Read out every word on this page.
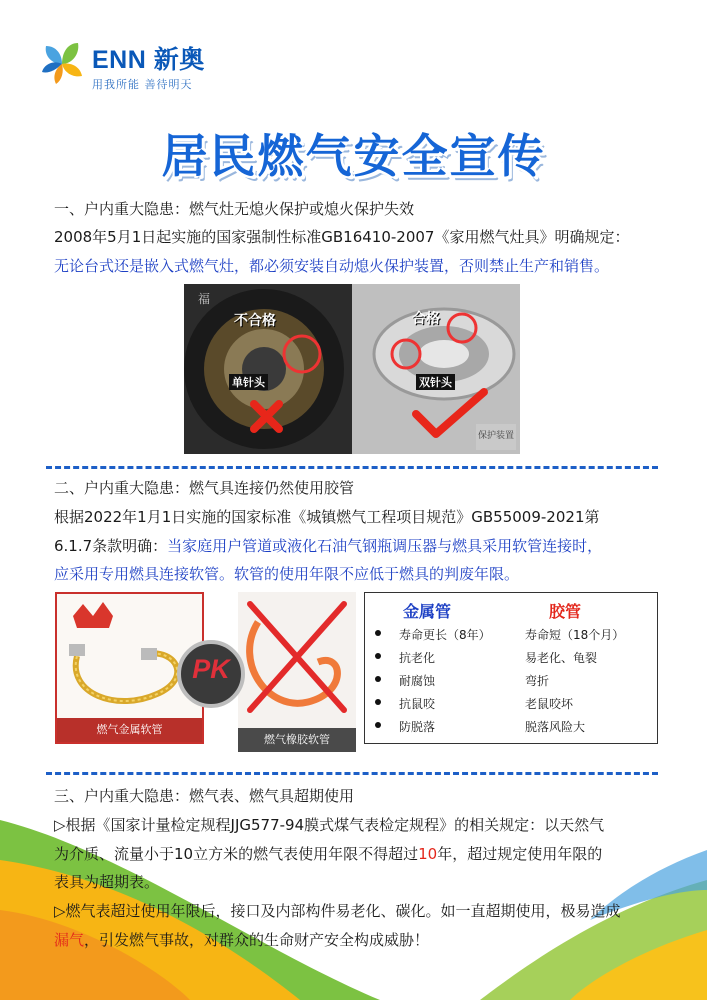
ENN 新奥
用我所能 善待明天
居民燃气安全宣传
一、户内重大隐患：燃气灶无熄火保护或熄火保护失效
2008年5月1日起实施的国家强制性标准GB16410-2007《家用燃气灶具》明确规定：
无论台式还是嵌入式燃气灶，都必须安装自动熄火保护装置，否则禁止生产和销售。
不合格
单针头
合格
双针头
福
保护装置
二、户内重大隐患：燃气具连接仍然使用胶管
根据2022年1月1日实施的国家标准《城镇燃气工程项目规范》GB55009-2021第
6.1.7条款明确：当家庭用户管道或液化石油气钢瓶调压器与燃具采用软管连接时，
应采用专用燃具连接软管。软管的使用年限不应低于燃具的判废年限。
燃气金属软管
燃气橡胶软管
PK
金属管	胶管
寿命更长（8年）	寿命短（18个月）
抗老化	易老化、龟裂
耐腐蚀	弯折
抗鼠咬	老鼠咬坏
防脱落	脱落风险大
三、户内重大隐患：燃气表、燃气具超期使用
▷根据《国家计量检定规程JJG577-94膜式煤气表检定规程》的相关规定：以天然气
为介质、流量小于10立方米的燃气表使用年限不得超过10年，超过规定使用年限的
表具为超期表。
▷燃气表超过使用年限后，接口及内部构件易老化、碳化。如一直超期使用，极易造成
漏气，引发燃气事故，对群众的生命财产安全构成威胁！
